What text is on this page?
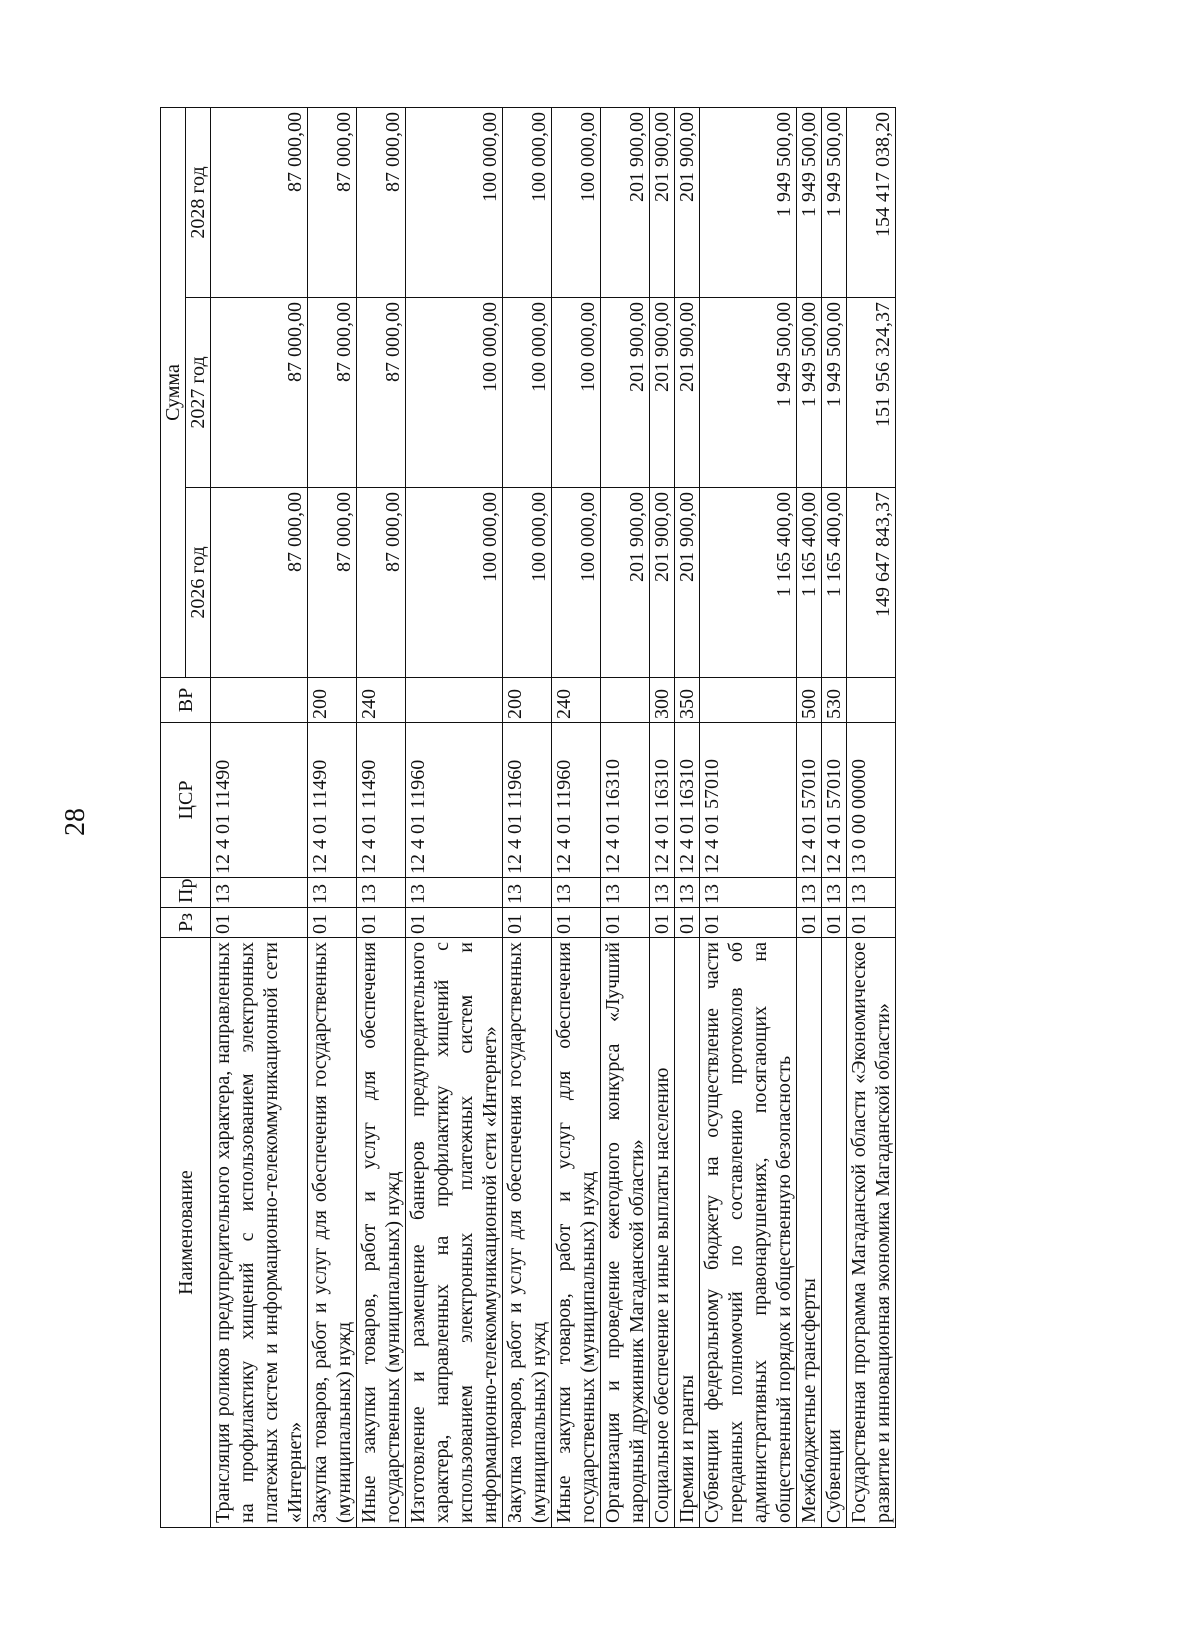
28
Наименование	Рз	Пр	ЦСР	ВР	Сумма		
					2026 год	2027 год	2028 год
Трансляция роликов предупредительного характера, направленных на профилактику хищений с использованием электронных платежных систем и информационно-телекоммуникационной сети «Интернет»	01	13	12 4 01 11490		87 000,00	87 000,00	87 000,00
Закупка товаров, работ и услуг для обеспечения государственных (муниципальных) нужд	01	13	12 4 01 11490	200	87 000,00	87 000,00	87 000,00
Иные закупки товаров, работ и услуг для обеспечения государственных (муниципальных) нужд	01	13	12 4 01 11490	240	87 000,00	87 000,00	87 000,00
Изготовление и размещение баннеров предупредительного характера, направленных на профилактику хищений с использованием электронных платежных систем и информационно-телекоммуникационной сети «Интернет»	01	13	12 4 01 11960		100 000,00	100 000,00	100 000,00
Закупка товаров, работ и услуг для обеспечения государственных (муниципальных) нужд	01	13	12 4 01 11960	200	100 000,00	100 000,00	100 000,00
Иные закупки товаров, работ и услуг для обеспечения государственных (муниципальных) нужд	01	13	12 4 01 11960	240	100 000,00	100 000,00	100 000,00
Организация и проведение ежегодного конкурса «Лучший народный дружинник Магаданской области»	01	13	12 4 01 16310		201 900,00	201 900,00	201 900,00
Социальное обеспечение и иные выплаты населению	01	13	12 4 01 16310	300	201 900,00	201 900,00	201 900,00
Премии и гранты	01	13	12 4 01 16310	350	201 900,00	201 900,00	201 900,00
Субвенции федеральному бюджету на осуществление части переданных полномочий по составлению протоколов об административных правонарушениях, посягающих на общественный порядок и общественную безопасность	01	13	12 4 01 57010		1 165 400,00	1 949 500,00	1 949 500,00
Межбюджетные трансферты	01	13	12 4 01 57010	500	1 165 400,00	1 949 500,00	1 949 500,00
Субвенции	01	13	12 4 01 57010	530	1 165 400,00	1 949 500,00	1 949 500,00
Государственная программа Магаданской области «Экономическое развитие и инновационная экономика Магаданской области»	01	13	13 0 00 00000		149 647 843,37	151 956 324,37	154 417 038,20
